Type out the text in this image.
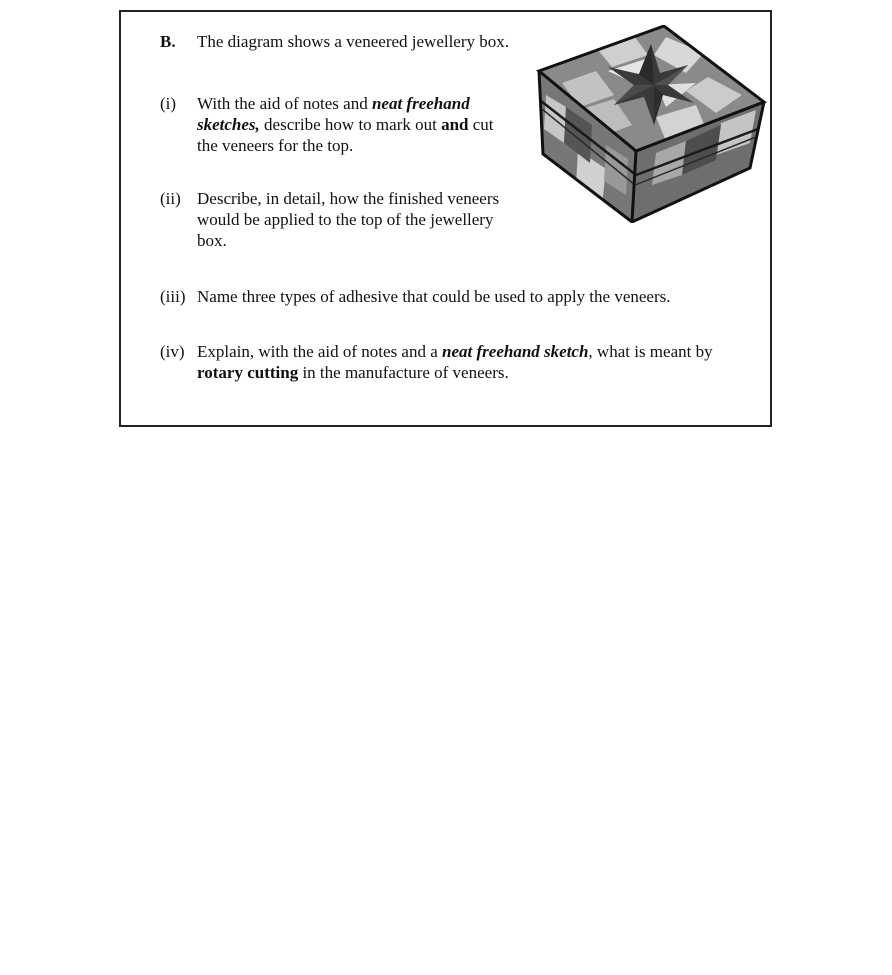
B. The diagram shows a veneered jewellery box.
(i) With the aid of notes and neat freehand
sketches, describe how to mark out and cut
the veneers for the top.
(ii) Describe, in detail, how the finished veneers
would be applied to the top of the jewellery
box.
(iii) Name three types of adhesive that could be used to apply the veneers.
(iv) Explain, with the aid of notes and a neat freehand sketch, what is meant by
rotary cutting in the manufacture of veneers.
